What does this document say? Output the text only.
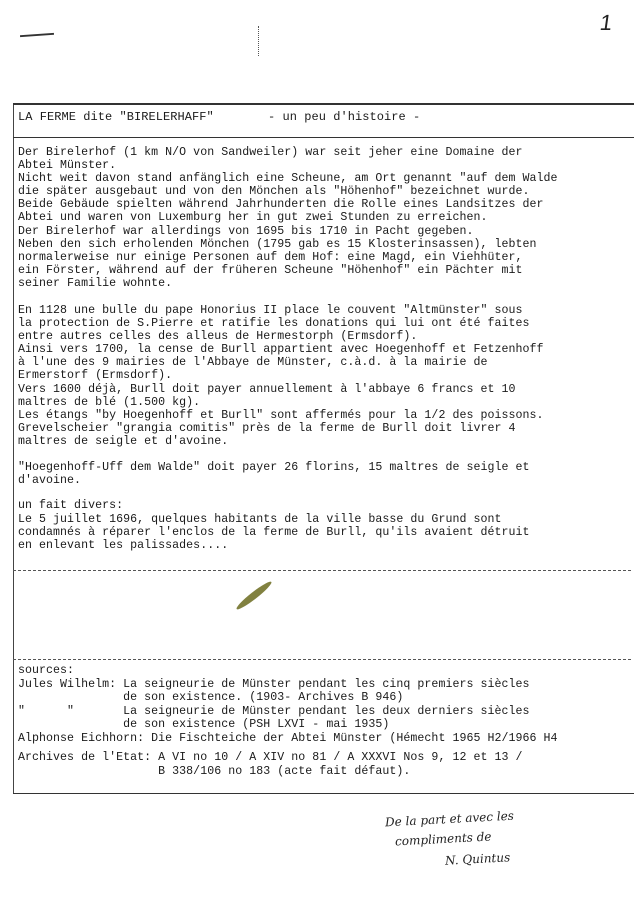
1
LA FERME dite "BIRELERHAFF"	- un peu d'histoire -
Der Birelerhof (1 km N/O von Sandweiler) war seit jeher eine Domaine der
Abtei Münster.
Nicht weit davon stand anfänglich eine Scheune, am Ort genannt "auf dem Walde
die später ausgebaut und von den Mönchen als "Höhenhof" bezeichnet wurde.
Beide Gebäude spielten während Jahrhunderten die Rolle eines Landsitzes der
Abtei und waren von Luxemburg her in gut zwei Stunden zu erreichen.
Der Birelerhof war allerdings von 1695 bis 1710 in Pacht gegeben.
Neben den sich erholenden Mönchen (1795 gab es 15 Klosterinsassen), lebten
normalerweise nur einige Personen auf dem Hof: eine Magd, ein Viehhüter,
ein Förster, während auf der früheren Scheune "Höhenhof" ein Pächter mit
seiner Familie wohnte.
En 1128 une bulle du pape Honorius II place le couvent "Altmünster" sous
la protection de S.Pierre et ratifie les donations qui lui ont été faites
entre autres celles des alleus de Hermestorph (Ermsdorf).
Ainsi vers 1700, la cense de Burll appartient avec Hoegenhoff et Fetzenhoff
à l'une des 9 mairies de l'Abbaye de Münster, c.à.d. à la mairie de
Ermerstorf (Ermsdorf).
Vers 1600 déjà, Burll doit payer annuellement à l'abbaye 6 francs et 10
maltres de blé (1.500 kg).
Les étangs "by Hoegenhoff et Burll" sont affermés pour la 1/2 des poissons.
Grevelscheier "grangia comitis" près de la ferme de Burll doit livrer 4
maltres de seigle et d'avoine.
"Hoegenhoff-Uff dem Walde" doit payer 26 florins, 15 maltres de seigle et
d'avoine.
un fait divers:
Le 5 juillet 1696, quelques habitants de la ville basse du Grund sont
condamnés à réparer l'enclos de la ferme de Burll, qu'ils avaient détruit
en enlevant les palissades....
sources:
Jules Wilhelm: La seigneurie de Münster pendant les cinq premiers siècles
de son existence. (1903- Archives B 946)
"      "       La seigneurie de Münster pendant les deux derniers siècles
de son existence (PSH LXVI - mai 1935)
Alphonse Eichhorn: Die Fischteiche der Abtei Münster (Hémecht 1965 H2/1966 H4
Archives de l'Etat: A VI no 10 / A XIV no 81 / A XXXVI Nos 9, 12 et 13 /
B 338/106 no 183 (acte fait défaut).
De la part et avec les
compliments de
N. Quintus
